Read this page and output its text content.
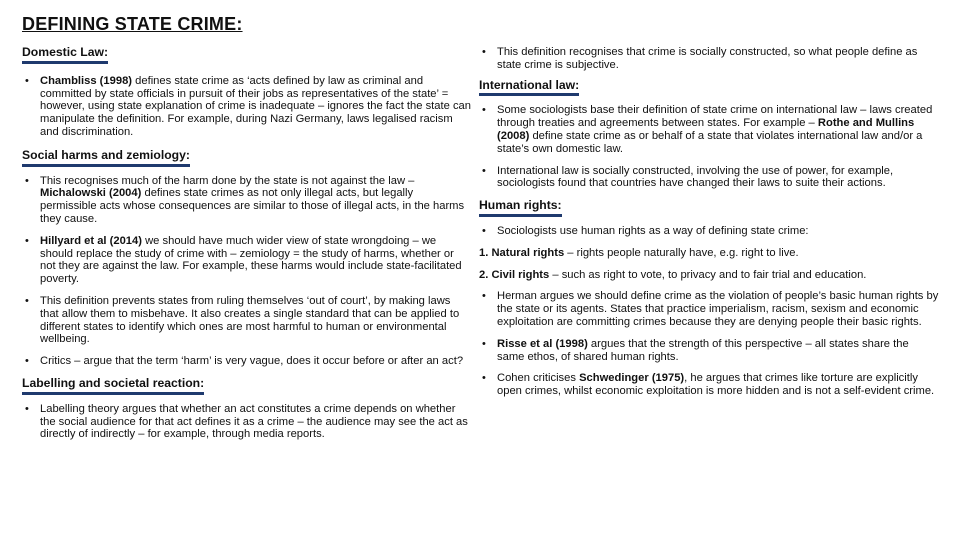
DEFINING STATE CRIME:
Domestic Law:
• Chambliss (1998) defines state crime as ‘acts defined by law as criminal and committed by state officials in pursuit of their jobs as representatives of the state’ = however, using state explanation of crime is inadequate – ignores the fact the state can manipulate the definition. For example, during Nazi Germany, laws legalised racism and discrimination.
Social harms and zemiology:
• This recognises much of the harm done by the state is not against the law – Michalowski (2004) defines state crimes as not only illegal acts, but legally permissible acts whose consequences are similar to those of illegal acts, in the harms they cause.
• Hillyard et al (2014) we should have much wider view of state wrongdoing – we should replace the study of crime with – zemiology = the study of harms, whether or not they are against the law. For example, these harms would include state-facilitated poverty.
• This definition prevents states from ruling themselves ‘out of court’, by making laws that allow them to misbehave. It also creates a single standard that can be applied to different states to identify which ones are most harmful to human or environmental wellbeing.
• Critics – argue that the term ‘harm’ is very vague, does it occur before or after an act?
Labelling and societal reaction:
• Labelling theory argues that whether an act constitutes a crime depends on whether the social audience for that act defines it as a crime – the audience may see the act as directly of indirectly – for example, through media reports.
• This definition recognises that crime is socially constructed, so what people define as state crime is subjective.
International law:
• Some sociologists base their definition of state crime on international law – laws created through treaties and agreements between states. For example – Rothe and Mullins (2008) define state crime as or behalf of a state that violates international law and/or a state’s own domestic law.
• International law is socially constructed, involving the use of power, for example, sociologists found that countries have changed their laws to suite their actions.
Human rights:
• Sociologists use human rights as a way of defining state crime:
1. Natural rights – rights people naturally have, e.g. right to live.
2. Civil rights – such as right to vote, to privacy and to fair trial and education.
• Herman argues we should define crime as the violation of people’s basic human rights by the state or its agents. States that practice imperialism, racism, sexism and economic exploitation are committing crimes because they are denying people their basic rights.
• Risse et al (1998) argues that the strength of this perspective – all states share the same ethos, of shared human rights.
• Cohen criticises Schwedinger (1975), he argues that crimes like torture are explicitly open crimes, whilst economic exploitation is more hidden and is not a self-evident crime.
